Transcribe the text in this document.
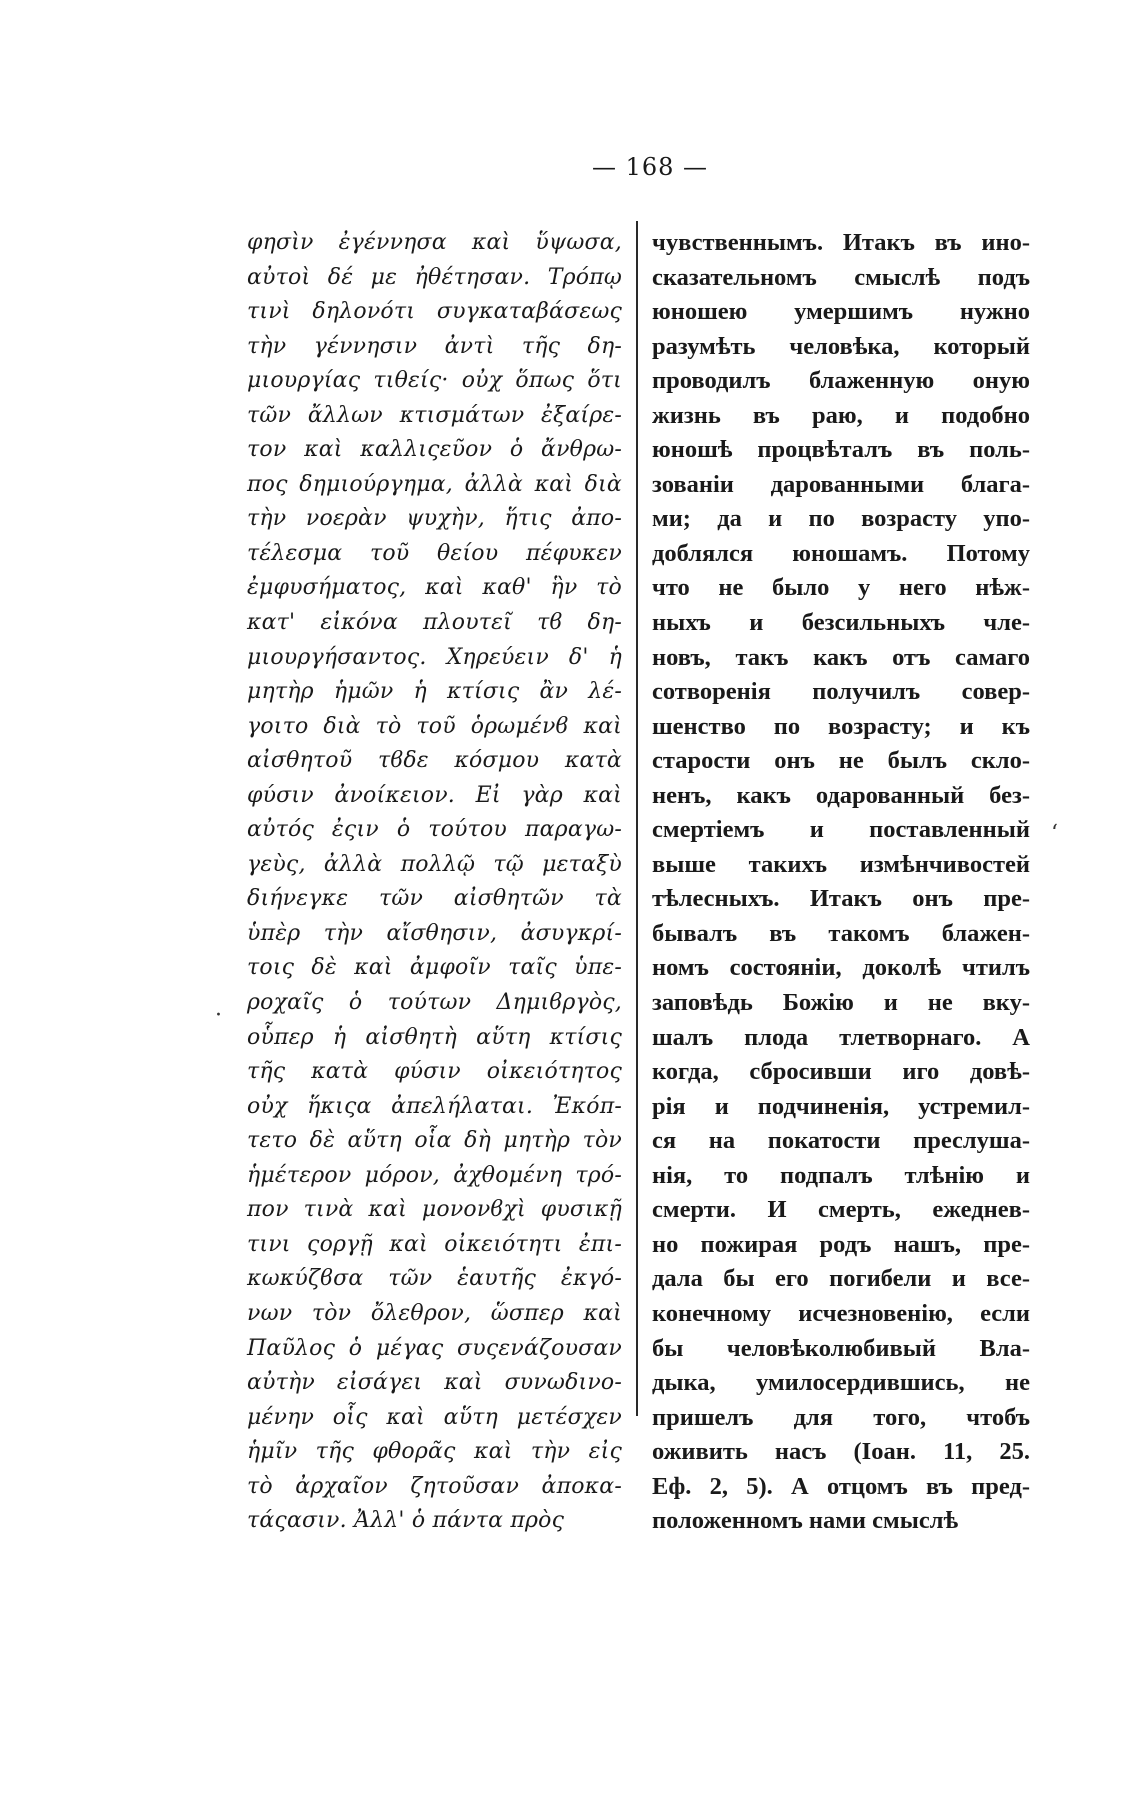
— 168 —
φησὶν ἐγέννησα καὶ ὕψωσα,
αὐτοὶ δέ με ἠθέτησαν. Τρόπῳ
τινὶ δηλονότι συγκαταβάσεως
τὴν γέννησιν ἀντὶ τῆς δη-
μιουργίας τιθείς· οὐχ ὅπως ὅτι
τῶν ἄλλων κτισμάτων ἐξαίρε-
τον καὶ καλλιςεῦον ὁ ἄνθρω-
πος δημιούργημα, ἀλλὰ καὶ διὰ
τὴν νοερὰν ψυχὴν, ἥτις ἀπο-
τέλεσμα τοῦ θείου πέφυκεν
ἐμφυσήματος, καὶ καθ' ἣν τὸ
κατ' εἰκόνα πλουτεῖ τϐ δη-
μιουργήσαντος. Χηρεύειν δ' ἡ
μητὴρ ἡμῶν ἡ κτίσις ἂν λέ-
γοιτο διὰ τὸ τοῦ ὁρωμένϐ καὶ
αἰσθητοῦ τϐδε κόσμου κατὰ
φύσιν ἀνοίκειον. Εἰ γὰρ καὶ
αὐτός ἐςιν ὁ τούτου παραγω-
γεὺς, ἀλλὰ πολλῷ τῷ μεταξὺ
διήνεγκε τῶν αἰσθητῶν τὰ
ὑπὲρ τὴν αἴσθησιν, ἀσυγκρί-
τοις δὲ καὶ ἀμφοῖν ταῖς ὑπε-
ροχαῖς ὁ τούτων Δημιϐργὸς,
οὗπερ ἡ αἰσθητὴ αὕτη κτίσις
τῆς κατὰ φύσιν οἰκειότητος
οὐχ ἥκιςα ἀπελήλαται. Ἐκόπ-
τετο δὲ αὕτη οἷα δὴ μητὴρ τὸν
ἡμέτερον μόρον, ἀχθομένη τρό-
πον τινὰ καὶ μονονϐχὶ φυσικῇ
τινι ςοργῇ καὶ οἰκειότητι ἐπι-
κωκύζϐσα τῶν ἑαυτῆς ἐκγό-
νων τὸν ὄλεθρον, ὥσπερ καὶ
Παῦλος ὁ μέγας συςενάζουσαν
αὐτὴν εἰσάγει καὶ συνωδινο-
μένην οἷς καὶ αὕτη μετέσχεν
ἡμῖν τῆς φθορᾶς καὶ τὴν εἰς
τὸ ἀρχαῖον ζητοῦσαν ἀποκα-
τάςασιν. Ἀλλ' ὁ πάντα πρὸς
чувственнымъ. Итакъ въ ино-
сказательномъ смыслѣ подъ
юношею умершимъ нужно
разумѣть человѣка, который
проводилъ блаженную оную
жизнь въ раю, и подобно
юношѣ процвѣталъ въ поль-
зованіи дарованными блага-
ми; да и по возрасту упо-
доблялся юношамъ. Потому
что не было у него нѣж-
ныхъ и безсильныхъ чле-
новъ, такъ какъ отъ самаго
сотворенія получилъ совер-
шенство по возрасту; и къ
старости онъ не былъ скло-
ненъ, какъ одарованный без-
смертіемъ и поставленный
выше такихъ измѣнчивостей
тѣлесныхъ. Итакъ онъ пре-
бывалъ въ такомъ блажен-
номъ состояніи, доколѣ чтилъ
заповѣдь Божію и не вку-
шалъ плода тлетворнаго. А
когда, сбросивши иго довѣ-
рія и подчиненія, устремил-
ся на покатости преслуша-
нія, то подпалъ тлѣнію и
смерти. И смерть, ежеднев-
но пожирая родъ нашъ, пре-
дала бы его погибели и все-
конечному исчезновенію, если
бы человѣколюбивый Вла-
дыка, умилосердившись, не
пришелъ для того, чтобъ
оживить насъ (Іоан. 11, 25.
Еф. 2, 5). А отцомъ въ пред-
положенномъ нами смыслѣ
ʻ
·
